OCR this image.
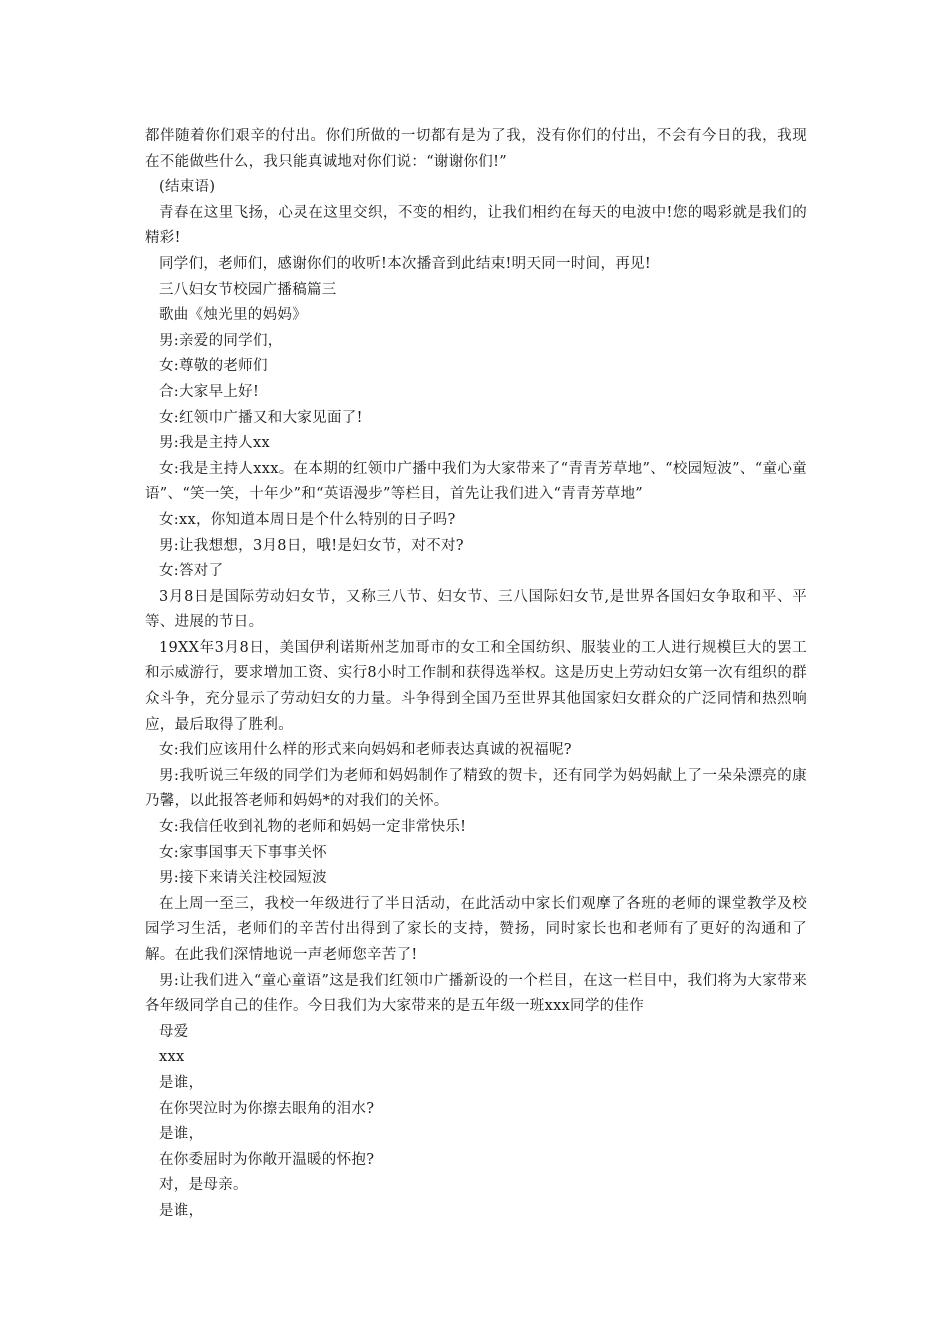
都伴随着你们艰辛的付出。你们所做的一切都有是为了我，没有你们的付出，不会有今日的我，我现在不能做些什么，我只能真诚地对你们说：“谢谢你们!”

(结束语)

青春在这里飞扬，心灵在这里交织，不变的相约，让我们相约在每天的电波中!您的喝彩就是我们的精彩!

同学们，老师们，感谢你们的收听!本次播音到此结束!明天同一时间，再见!

三八妇女节校园广播稿篇三

歌曲《烛光里的妈妈》

男:亲爱的同学们，

女:尊敬的老师们

合:大家早上好!

女:红领巾广播又和大家见面了!

男:我是主持人xx

女:我是主持人xxx。在本期的红领巾广播中我们为大家带来了“青青芳草地”、“校园短波”、“童心童语”、“笑一笑，十年少”和“英语漫步”等栏目，首先让我们进入“青青芳草地”

女:xx，你知道本周日是个什么特别的日子吗?

男:让我想想，3月8日，哦!是妇女节，对不对?

女:答对了

3月8日是国际劳动妇女节，又称三八节、妇女节、三八国际妇女节,是世界各国妇女争取和平、平等、进展的节日。

19XX年3月8日，美国伊利诺斯州芝加哥市的女工和全国纺织、服装业的工人进行规模巨大的罢工和示威游行，要求增加工资、实行8小时工作制和获得选举权。这是历史上劳动妇女第一次有组织的群众斗争，充分显示了劳动妇女的力量。斗争得到全国乃至世界其他国家妇女群众的广泛同情和热烈响应，最后取得了胜利。

女:我们应该用什么样的形式来向妈妈和老师表达真诚的祝福呢?

男:我听说三年级的同学们为老师和妈妈制作了精致的贺卡，还有同学为妈妈献上了一朵朵漂亮的康乃馨，以此报答老师和妈妈*的对我们的关怀。

女:我信任收到礼物的老师和妈妈一定非常快乐!

女:家事国事天下事事关怀

男:接下来请关注校园短波

在上周一至三，我校一年级进行了半日活动，在此活动中家长们观摩了各班的老师的课堂教学及校园学习生活，老师们的辛苦付出得到了家长的支持，赞扬，同时家长也和老师有了更好的沟通和了解。在此我们深情地说一声老师您辛苦了!

男:让我们进入“童心童语”这是我们红领巾广播新设的一个栏目，在这一栏目中，我们将为大家带来各年级同学自己的佳作。今日我们为大家带来的是五年级一班xxx同学的佳作

母爱

xxx

是谁，

在你哭泣时为你擦去眼角的泪水?

是谁，

在你委屈时为你敞开温暖的怀抱?

对，是母亲。

是谁，
